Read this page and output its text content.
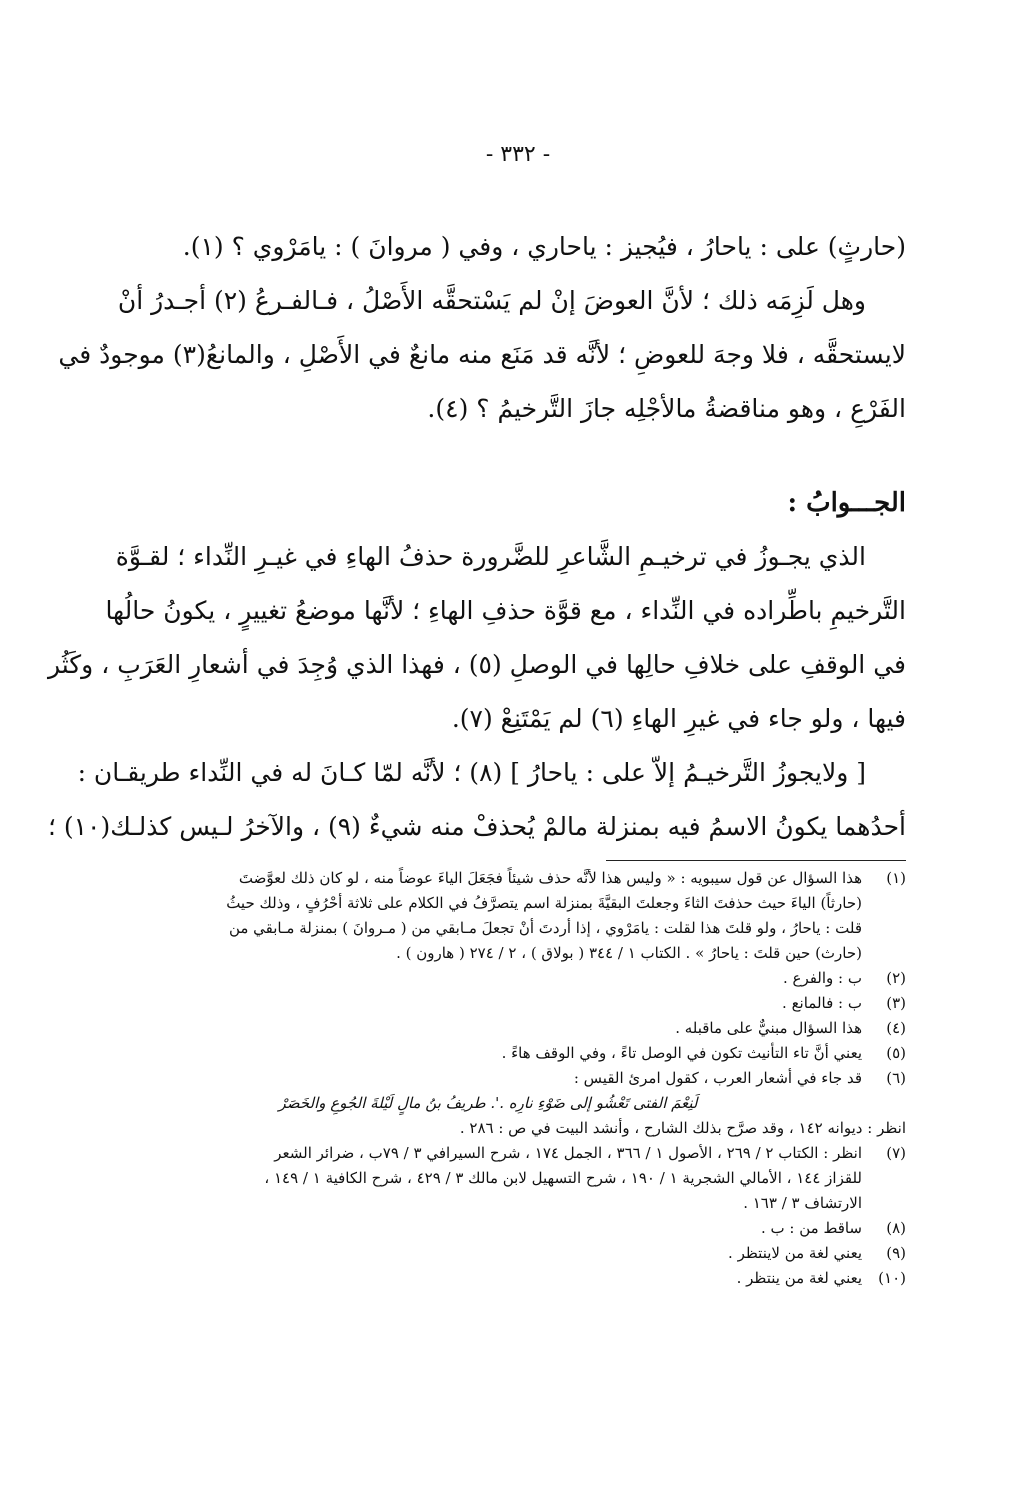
- ٣٣٢ -
(حارثٍ) على : ياحارُ ، فيُجيز : ياحاري ، وفي ( مروانَ ) : يامَرْوي ؟ (١).
وهل لَزِمَه ذلك ؛ لأنَّ العوضَ إنْ لم يَسْتحقَّه الأَصْلُ ، فـالفـرعُ (٢) أجـدرُ أنْ
لايستحقَّه ، فلا وجهَ للعوضِ ؛ لأنَّه قد مَنَع منه مانعٌ في الأَصْلِ ، والمانعُ(٣) موجودٌ في
الفَرْعِ ، وهو مناقضةُ مالأجْلِه جازَ التَّرخيمُ ؟ (٤).
الجـــوابُ :
الذي يجـوزُ في ترخيـمِ الشَّاعرِ للضَّرورة حذفُ الهاءِ في غيـرِ النِّداء ؛ لقـوَّة
التَّرخيمِ باطِّراده في النِّداء ، مع قوَّة حذفِ الهاءِ ؛ لأنَّها موضعُ تغييرٍ ، يكونُ حالُها
في الوقفِ على خلافِ حالِها في الوصلِ (٥) ، فهذا الذي وُجِدَ في أشعارِ العَرَبِ ، وكَثُر
فيها ، ولو جاء في غيرِ الهاءِ (٦) لم يَمْتَنِعْ (٧).
[ ولايجوزُ التَّرخيـمُ إلاّ على : ياحارُ ] (٨) ؛ لأنَّه لمّا كـانَ له في النِّداء طريقـان :
أحدُهما يكونُ الاسمُ فيه بمنزلة مالمْ يُحذفْ منه شيءٌ (٩) ، والآخرُ لـيس كذلـك(١٠) ؛
(١)
هذا السؤال عن قول سيبويه : « وليس هذا لأنَّه حذف شيئاً فجَعَلَ الياءَ عوضاً منه ، لو كان ذلك لعوَّضتَ
(حارثاً) الياءَ حيث حذفتَ الثاءَ وجعلتَ البقيَّةَ بمنزلة اسم يتصرَّفُ في الكلام على ثلاثة أحْرُفٍ ، وذلك حيثُ
قلت : ياحارُ ، ولو قلتَ هذا لقلت : يامَرْوي ، إذا أردتَ أنْ تجعلَ مـابقي من ( مـروانَ ) بمنزلة مـابقي من
(حارث) حين قلتَ : ياحارُ » . الكتاب ١ / ٣٤٤ ( بولاق ) ، ٢ / ٢٧٤ ( هارون ) .
(٢)
ب : والفرع .
(٣)
ب : فالمانع .
(٤)
هذا السؤال مبنيٌّ على ماقبله .
(٥)
يعني أنَّ تاء التأنيث تكون في الوصل تاءً ، وفي الوقف هاءً .
(٦)
قد جاء في أشعار العرب ، كقول امرئ القيس :
لَنِعْمَ الفتى تَعْشُو إلى ضَوْءِ نارِه .'. طريفُ بنُ مالٍ لَيْلةَ الجُوعِ والخَصَرْ
انظر : ديوانه ١٤٢ ، وقد صرَّح بذلك الشارح ، وأنشد البيت في ص : ٢٨٦ .
(٧)
انظر : الكتاب ٢ / ٢٦٩ ، الأصول ١ / ٣٦٦ ، الجمل ١٧٤ ، شرح السيرافي ٣ / ٧٩ب ، ضرائر الشعر
للقزاز ١٤٤ ، الأمالي الشجرية ١ / ١٩٠ ، شرح التسهيل لابن مالك ٣ / ٤٢٩ ، شرح الكافية ١ / ١٤٩ ،
الارتشاف ٣ / ١٦٣ .
(٨)
ساقط من : ب .
(٩)
يعني لغة من لاينتظر .
(١٠)
يعني لغة من ينتظر .
